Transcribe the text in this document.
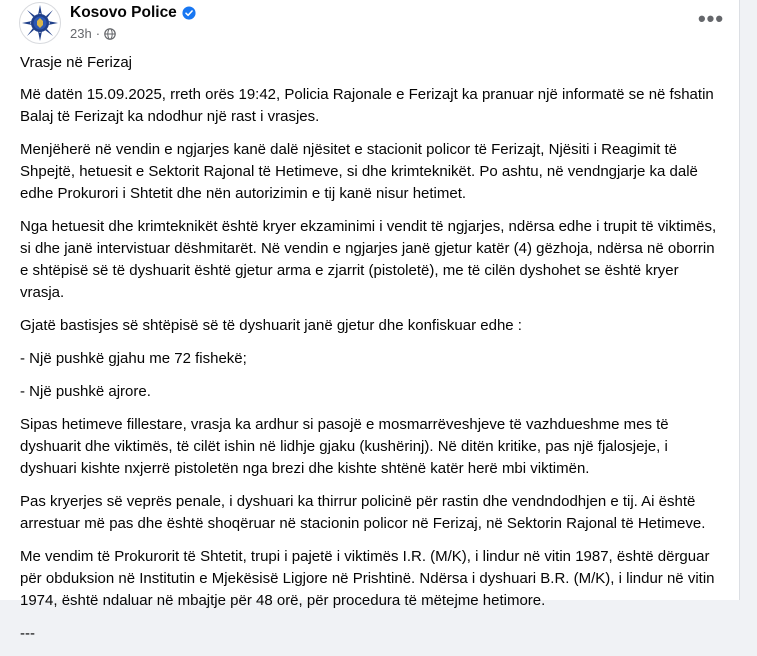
Kosovo Police
23h ·
•••

Vrasje në Ferizaj

Më datën 15.09.2025, rreth orës 19:42, Policia Rajonale e Ferizajt ka pranuar një informatë se në fshatin Balaj të Ferizajt ka ndodhur një rast i vrasjes.

Menjëherë në vendin e ngjarjes kanë dalë njësitet e stacionit policor të Ferizajt, Njësiti i Reagimit të Shpejtë, hetuesit e Sektorit Rajonal të Hetimeve, si dhe krimteknikët. Po ashtu, në vendngjarje ka dalë edhe Prokurori i Shtetit dhe nën autorizimin e tij kanë nisur hetimet.

Nga hetuesit dhe krimteknikët është kryer ekzaminimi i vendit të ngjarjes, ndërsa edhe i trupit të viktimës, si dhe janë intervistuar dëshmitarët. Në vendin e ngjarjes janë gjetur katër (4) gëzhoja, ndërsa në oborrin e shtëpisë së të dyshuarit është gjetur arma e zjarrit (pistoletë), me të cilën dyshohet se është kryer vrasja.

Gjatë bastisjes së shtëpisë së të dyshuarit janë gjetur dhe konfiskuar edhe :

- Një pushkë gjahu me 72 fishekë;

- Një pushkë ajrore.

Sipas hetimeve fillestare, vrasja ka ardhur si pasojë e mosmarrëveshjeve të vazhdueshme mes të dyshuarit dhe viktimës, të cilët ishin në lidhje gjaku (kushërinj). Në ditën kritike, pas një fjalosjeje, i dyshuari kishte nxjerrë pistoletën nga brezi dhe kishte shtënë katër herë mbi viktimën.

Pas kryerjes së veprës penale, i dyshuari ka thirrur policinë për rastin dhe vendndodhjen e tij. Ai është arrestuar më pas dhe është shoqëruar në stacionin policor në Ferizaj, në Sektorin Rajonal të Hetimeve.

Me vendim të Prokurorit të Shtetit, trupi i pajetë i viktimës I.R. (M/K), i lindur në vitin 1987, është dërguar për obduksion në Institutin e Mjekësisë Ligjore në Prishtinë. Ndërsa i dyshuari B.R. (M/K), i lindur në vitin 1974, është ndaluar në mbajtje për 48 orë, për procedura të mëtejme hetimore.

---
